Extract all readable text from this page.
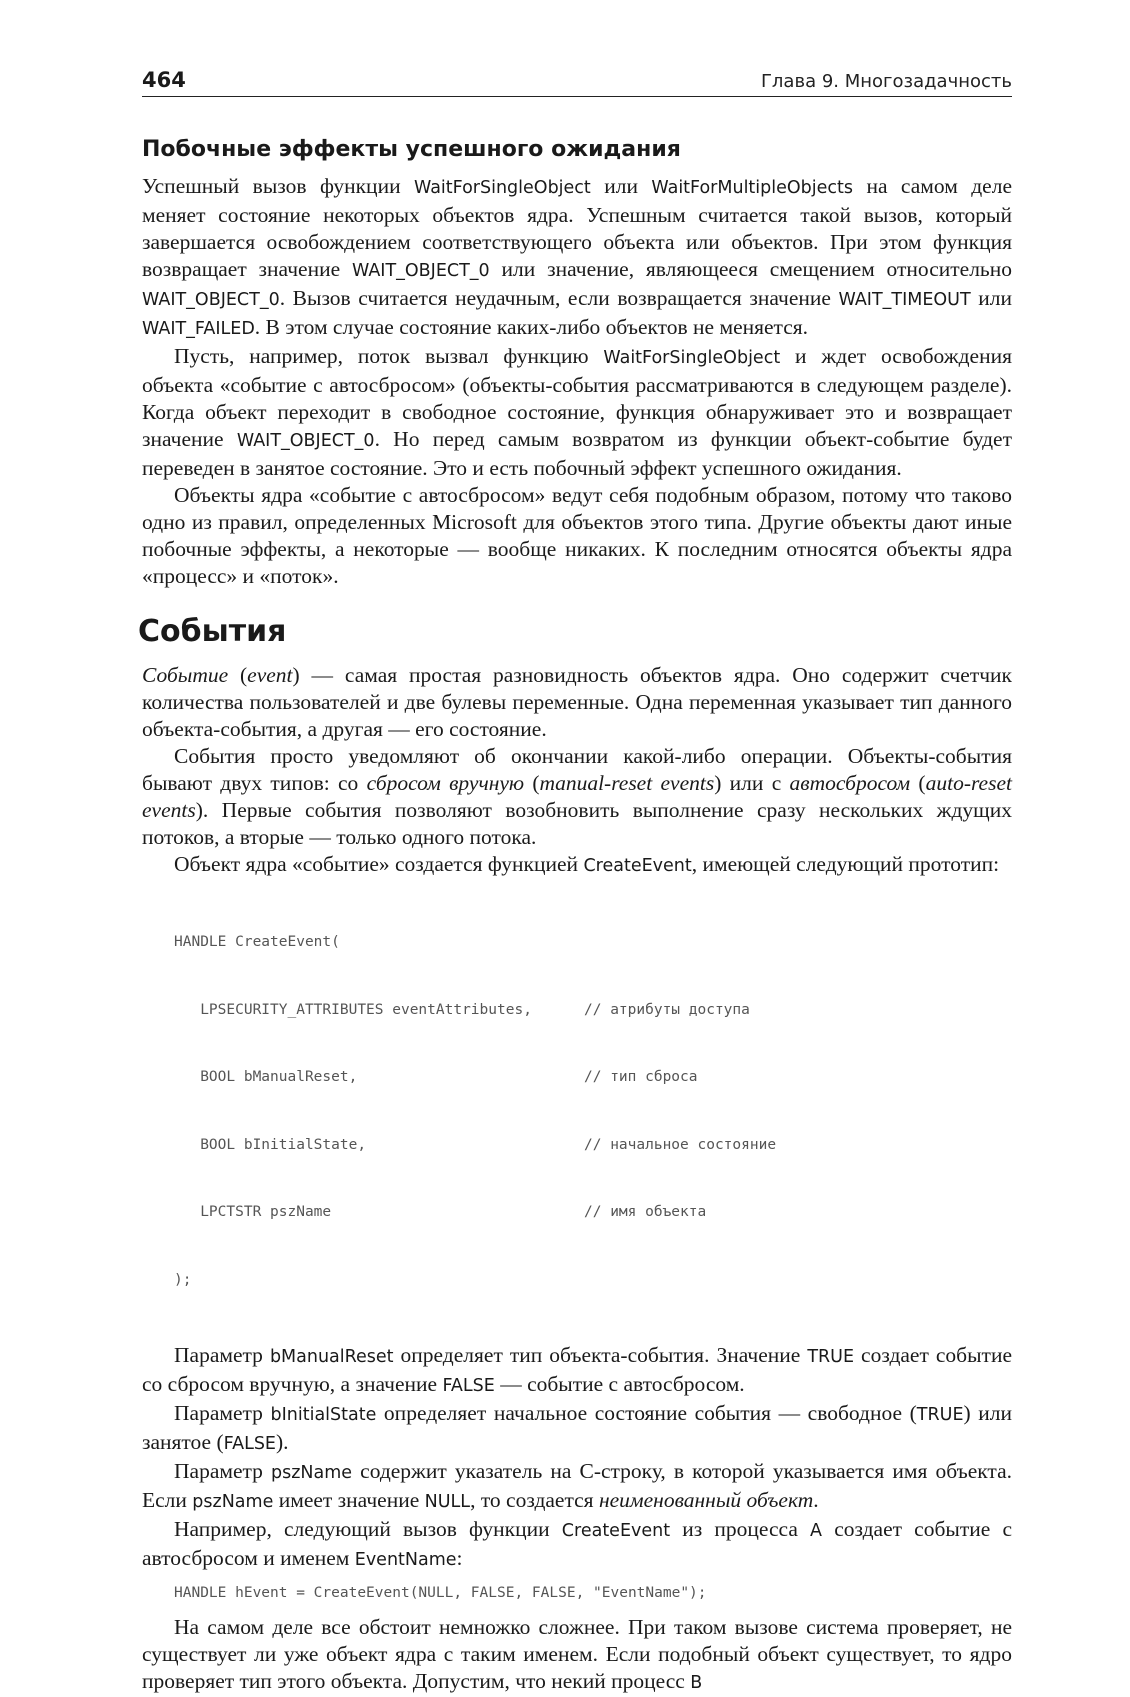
464	Глава 9. Многозадачность
Побочные эффекты успешного ожидания

Успешный вызов функции WaitForSingleObject или WaitForMultipleObjects на самом деле меняет состояние некоторых объектов ядра. Успешным считается такой вызов, который завершается освобождением соответствующего объекта или объектов. При этом функция возвращает значение WAIT_OBJECT_0 или значение, являющееся смещением относительно WAIT_OBJECT_0. Вызов считается неудачным, если возвращается значение WAIT_TIMEOUT или WAIT_FAILED. В этом случае состояние каких-либо объектов не меняется.

Пусть, например, поток вызвал функцию WaitForSingleObject и ждет освобождения объекта «событие с автосбросом» (объекты-события рассматриваются в следующем разделе). Когда объект переходит в свободное состояние, функция обнаруживает это и возвращает значение WAIT_OBJECT_0. Но перед самым возвратом из функции объект-событие будет переведен в занятое состояние. Это и есть побочный эффект успешного ожидания.

Объекты ядра «событие с автосбросом» ведут себя подобным образом, потому что таково одно из правил, определенных Microsoft для объектов этого типа. Другие объекты дают иные побочные эффекты, а некоторые — вообще никаких. К последним относятся объекты ядра «процесс» и «поток».

События

Событие (event) — самая простая разновидность объектов ядра. Оно содержит счетчик количества пользователей и две булевы переменные. Одна переменная указывает тип данного объекта-события, а другая — его состояние.

События просто уведомляют об окончании какой-либо операции. Объекты-события бывают двух типов: со сбросом вручную (manual-reset events) или с автосбросом (auto-reset events). Первые события позволяют возобновить выполнение сразу нескольких ждущих потоков, а вторые — только одного потока.

Объект ядра «событие» создается функцией CreateEvent, имеющей следующий прототип:

HANDLE CreateEvent(

LPSECURITY_ATTRIBUTES eventAttributes,	// атрибуты доступа

BOOL bManualReset,	// тип сброса

BOOL bInitialState,	// начальное состояние

LPCTSTR pszName	// имя объекта

);

Параметр bManualReset определяет тип объекта-события. Значение TRUE создает событие со сбросом вручную, а значение FALSE — событие с автосбросом.

Параметр bInitialState определяет начальное состояние события — свободное (TRUE) или занятое (FALSE).

Параметр pszName содержит указатель на C-строку, в которой указывается имя объекта. Если pszName имеет значение NULL, то создается неименованный объект.

Например, следующий вызов функции CreateEvent из процесса A создает событие с автосбросом и именем EventName:

HANDLE hEvent = CreateEvent(NULL, FALSE, FALSE, "EventName");

На самом деле все обстоит немножко сложнее. При таком вызове система проверяет, не существует ли уже объект ядра с таким именем. Если подобный объект существует, то ядро проверяет тип этого объекта. Допустим, что некий процесс B
